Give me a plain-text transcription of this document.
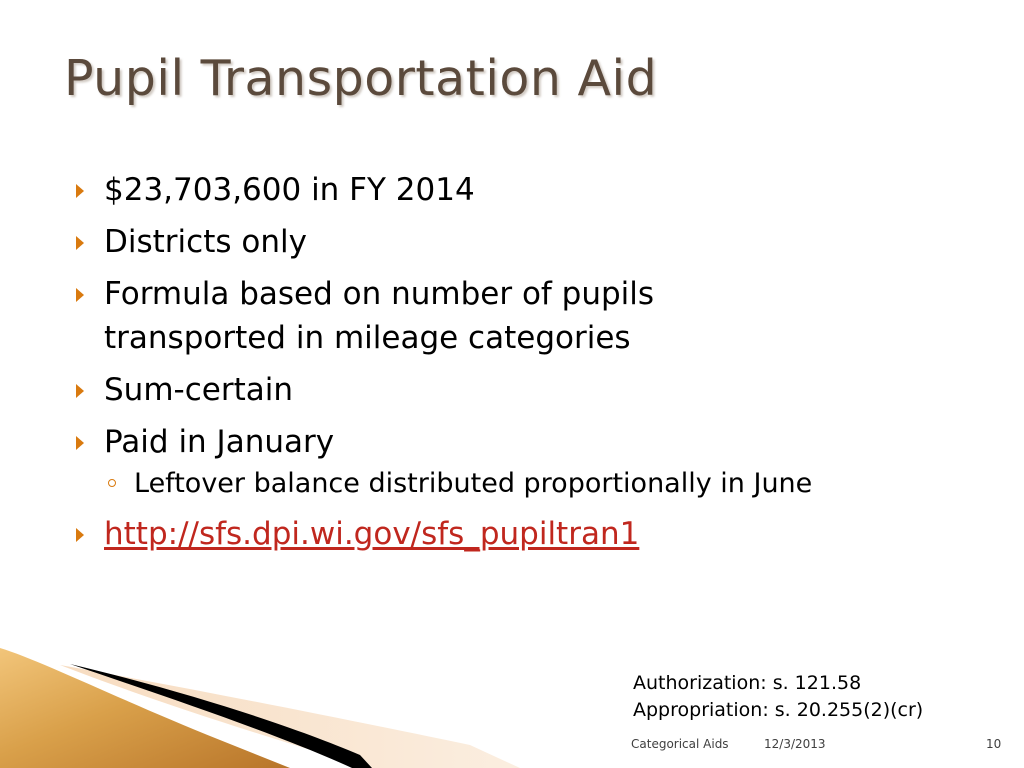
Pupil Transportation Aid
$23,703,600 in FY 2014
Districts only
Formula based on number of pupils transported in mileage categories
Sum-certain
Paid in January
Leftover balance distributed proportionally in June
http://sfs.dpi.wi.gov/sfs_pupiltran1
Authorization: s. 121.58
Appropriation: s. 20.255(2)(cr)
Categorical Aids	12/3/2013	10
